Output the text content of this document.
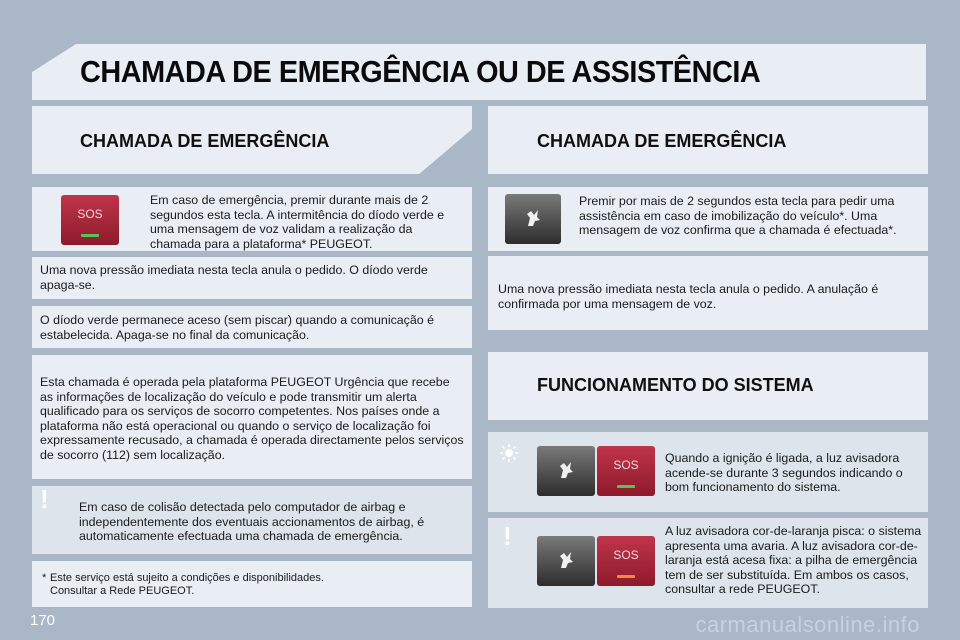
CHAMADA DE EMERGÊNCIA OU DE ASSISTÊNCIA
CHAMADA DE EMERGÊNCIA
SOS
Em caso de emergência, premir durante mais de 2 segundos esta tecla. A intermitência do díodo verde e uma mensagem de voz validam a realização da chamada para a plataforma* PEUGEOT.
Uma nova pressão imediata nesta tecla anula o pedido. O díodo verde apaga-se.
O díodo verde permanece aceso (sem piscar) quando a comunicação é estabelecida. Apaga-se no final da comunicação.
Esta chamada é operada pela plataforma PEUGEOT Urgência que recebe as informações de localização do veículo e pode transmitir um alerta qualificado para os serviços de socorro competentes. Nos países onde a plataforma não está operacional ou quando o serviço de localização foi expressamente recusado, a chamada é operada directamente pelos serviços de socorro (112) sem localização.
! Em caso de colisão detectada pelo computador de airbag e independentemente dos eventuais accionamentos de airbag, é automaticamente efectuada uma chamada de emergência.
* Este serviço está sujeito a condições e disponibilidades. Consultar a Rede PEUGEOT.
CHAMADA DE EMERGÊNCIA
Premir por mais de 2 segundos esta tecla para pedir uma assistência em caso de imobilização do veículo*. Uma mensagem de voz confirma que a chamada é efectuada*.
Uma nova pressão imediata nesta tecla anula o pedido. A anulação é confirmada por uma mensagem de voz.
FUNCIONAMENTO DO SISTEMA
SOS	Quando a ignição é ligada, a luz avisadora acende-se durante 3 segundos indicando o bom funcionamento do sistema.
!
SOS
A luz avisadora cor-de-laranja pisca: o sistema apresenta uma avaria. A luz avisadora cor-de-laranja está acesa fixa: a pilha de emergência tem de ser substituída. Em ambos os casos, consultar a rede PEUGEOT.
170	carmanualsonline.info
